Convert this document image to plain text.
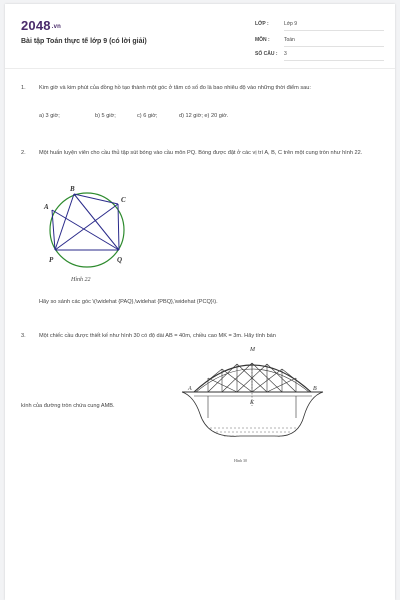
2048.vn
Bài tập Toán thực tế lớp 9 (có lời giải)
LỚP :	Lớp 9
MÔN :	Toán
SỐ CÂU : 3
1. Kim giờ và kim phút của đồng hồ tạo thành một góc ở tâm có số đo là bao nhiêu độ vào những thời điểm sau:
a) 3 giờ;	b) 5 giờ;	c) 6 giờ;	d) 12 giờ; e) 20 giờ.
2. Một huấn luyện viên cho cầu thủ tập sút bóng vào cầu môn PQ. Bóng được đặt ở các vị trí A, B, C trên một cung tròn như hình 22.
A
B
C
P	Q
Hình 22
Hãy so sánh các góc \(\widehat {PAQ},\widehat {PBQ},\widehat {PCQ}\).
3. Một chiếc cầu được thiết kế như hình 30 có độ dài AB = 40m, chiều cao MK = 3m. Hãy tính bán
M
A	B
K
Hình 30
kính của đường tròn chứa cung AMB.
